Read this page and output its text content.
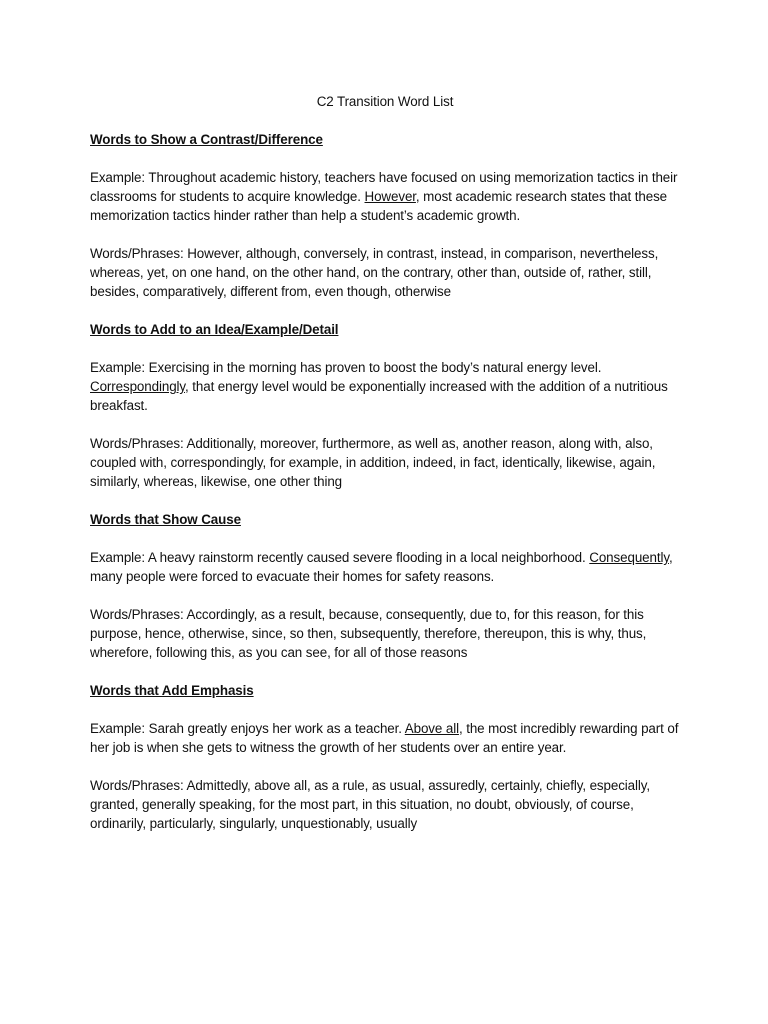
C2 Transition Word List
Words to Show a Contrast/Difference
Example: Throughout academic history, teachers have focused on using memorization tactics in their classrooms for students to acquire knowledge. However, most academic research states that these memorization tactics hinder rather than help a student’s academic growth.
Words/Phrases: However, although, conversely, in contrast, instead, in comparison, nevertheless, whereas, yet, on one hand, on the other hand, on the contrary, other than, outside of, rather, still, besides, comparatively, different from, even though, otherwise
Words to Add to an Idea/Example/Detail
Example: Exercising in the morning has proven to boost the body’s natural energy level. Correspondingly, that energy level would be exponentially increased with the addition of a nutritious breakfast.
Words/Phrases: Additionally, moreover, furthermore, as well as, another reason, along with, also, coupled with, correspondingly, for example, in addition, indeed, in fact, identically, likewise, again, similarly, whereas, likewise, one other thing
Words that Show Cause
Example: A heavy rainstorm recently caused severe flooding in a local neighborhood. Consequently, many people were forced to evacuate their homes for safety reasons.
Words/Phrases: Accordingly, as a result, because, consequently, due to, for this reason, for this purpose, hence, otherwise, since, so then, subsequently, therefore, thereupon, this is why, thus, wherefore, following this, as you can see, for all of those reasons
Words that Add Emphasis
Example: Sarah greatly enjoys her work as a teacher. Above all, the most incredibly rewarding part of her job is when she gets to witness the growth of her students over an entire year.
Words/Phrases: Admittedly, above all, as a rule, as usual, assuredly, certainly, chiefly, especially, granted, generally speaking, for the most part, in this situation, no doubt, obviously, of course, ordinarily, particularly, singularly, unquestionably, usually
